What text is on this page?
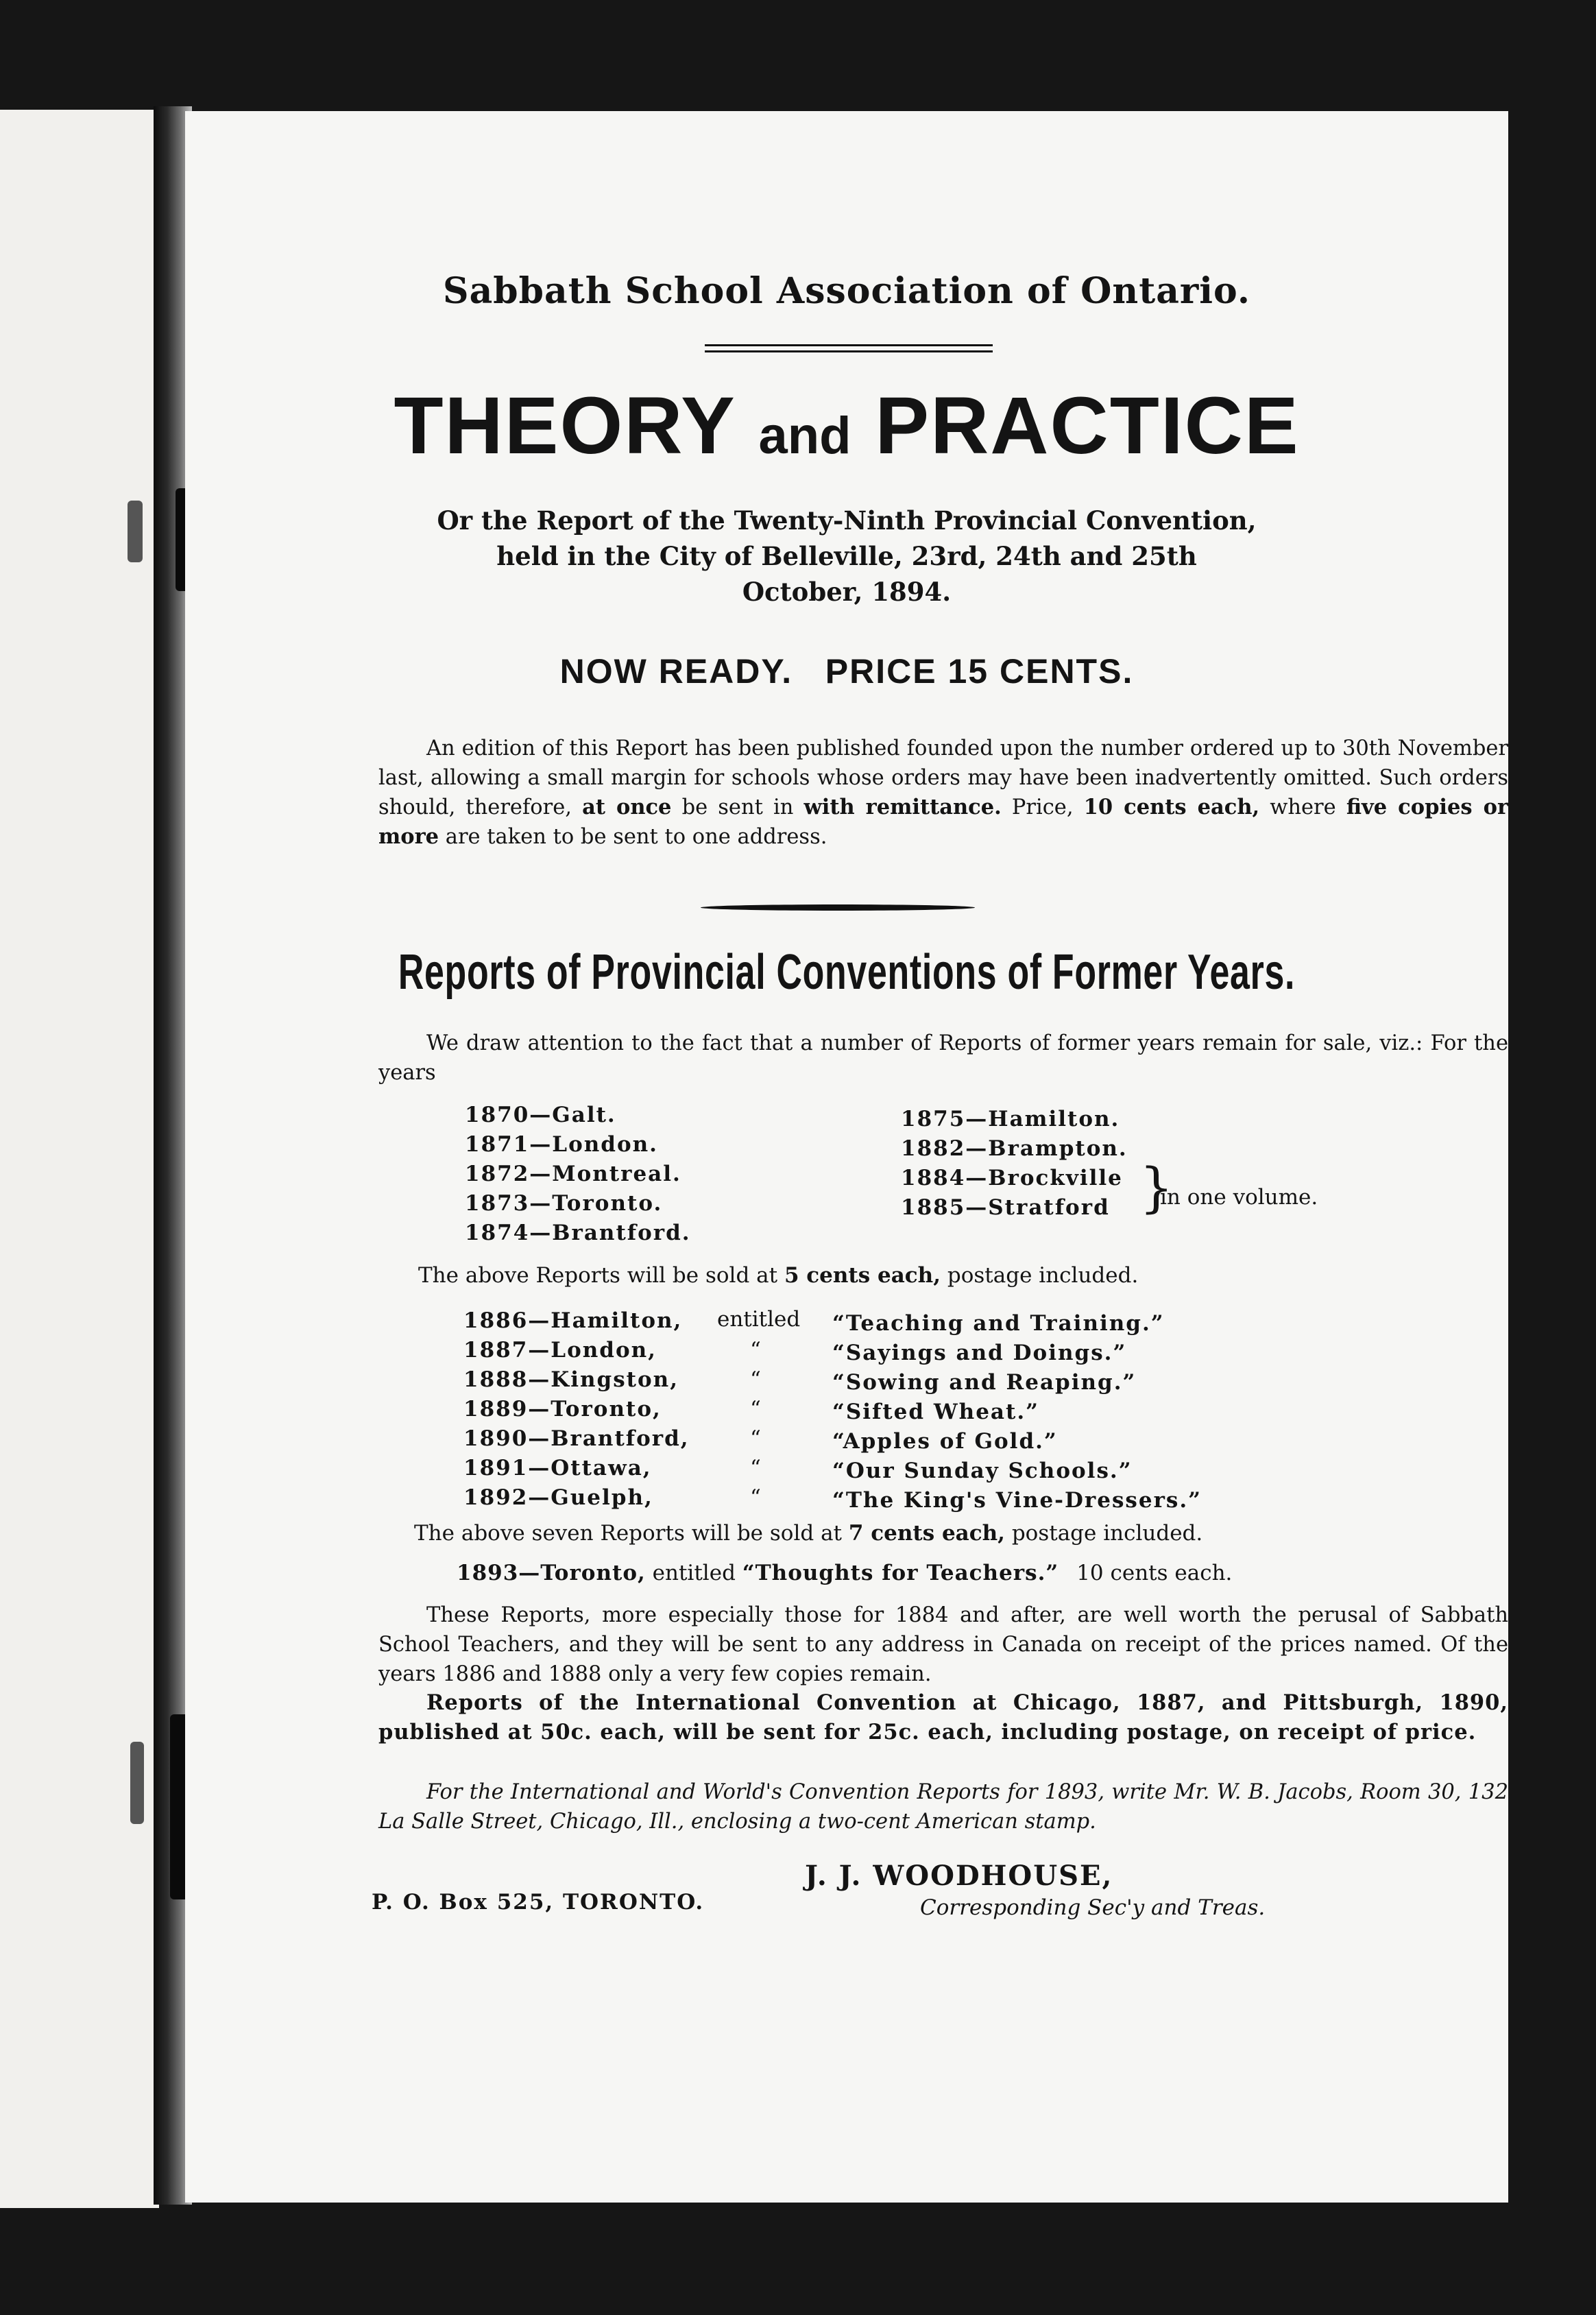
Sabbath School Association of Ontario.
THEORY and PRACTICE
Or the Report of the Twenty-Ninth Provincial Convention,
held in the City of Belleville, 23rd, 24th and 25th
October, 1894.
NOW READY.   PRICE 15 CENTS.
An edition of this Report has been published founded upon the number ordered up to 30th November last, allowing a small margin for schools whose orders may have been inadvertently omitted. Such orders should, therefore, at once be sent in with remittance. Price, 10 cents each, where five copies or more are taken to be sent to one address.
Reports of Provincial Conventions of Former Years.
We draw attention to the fact that a number of Reports of former years remain for sale, viz.: For the years
1870—Galt.
1871—London.
1872—Montreal.
1873—Toronto.
1874—Brantford.
1875—Hamilton.
1882—Brampton.
1884—Brockville
1885—Stratford }
in one volume.
The above Reports will be sold at 5 cents each, postage included.
1886—Hamilton, entitled “Teaching and Training.”
1887—London,	“	“Sayings and Doings.”
1888—Kingston,	“	“Sowing and Reaping.”
1889—Toronto,	“	“Sifted Wheat.”
1890—Brantford,	“	“Apples of Gold.”
1891—Ottawa,	“	“Our Sunday Schools.”
1892—Guelph,	“	“The King's Vine-Dressers.”
The above seven Reports will be sold at 7 cents each, postage included.
1893—Toronto, entitled “Thoughts for Teachers.” 10 cents each.
These Reports, more especially those for 1884 and after, are well worth the perusal of Sabbath School Teachers, and they will be sent to any address in Canada on receipt of the prices named. Of the years 1886 and 1888 only a very few copies remain.
Reports of the International Convention at Chicago, 1887, and Pittsburgh, 1890, published at 50c. each, will be sent for 25c. each, including postage, on receipt of price.
For the International and World's Convention Reports for 1893, write Mr. W. B. Jacobs, Room 30, 132 La Salle Street, Chicago, Ill., enclosing a two-cent American stamp.
P. O. Box 525, TORONTO.
J. J. WOODHOUSE,
Corresponding Sec'y and Treas.
